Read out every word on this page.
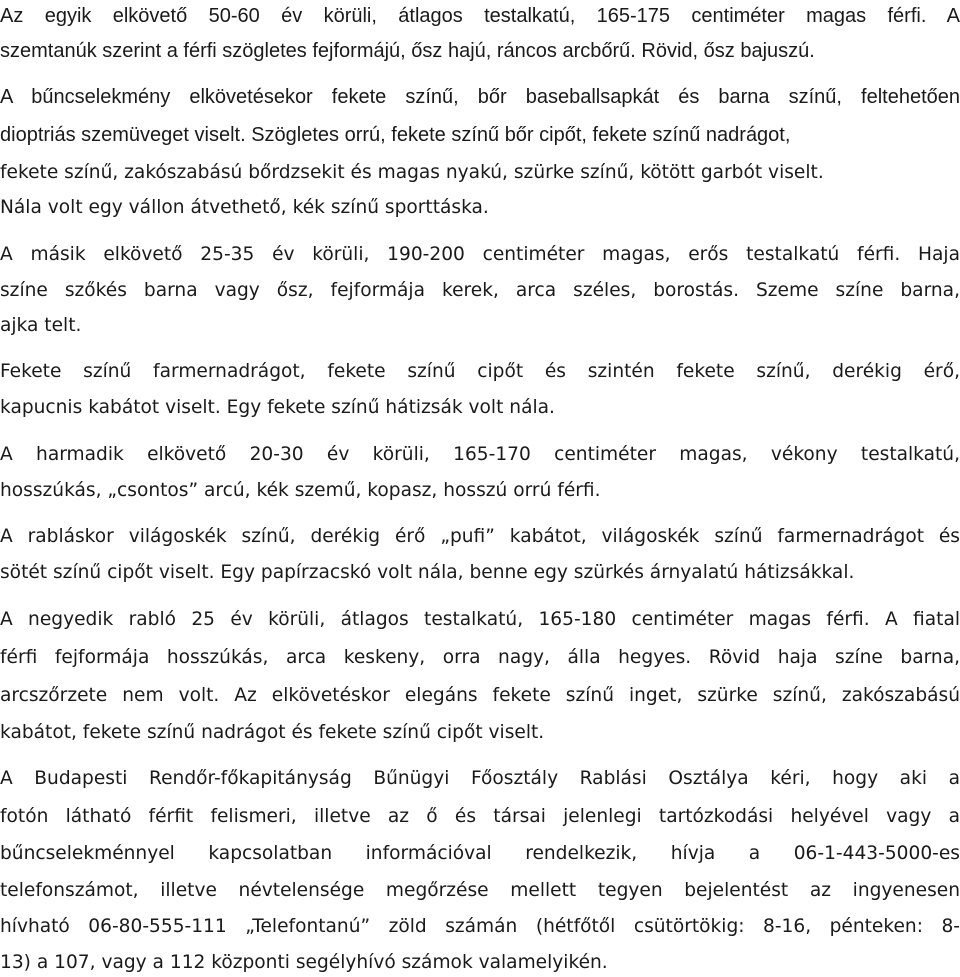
Az egyik elkövető 50-60 év körüli, átlagos testalkatú, 165-175 centiméter magas férfi. A
szemtanúk szerint a férfi szögletes fejformájú, ősz hajú, ráncos arcbőrű. Rövid, ősz bajuszú.
A bűncselekmény elkövetésekor fekete színű, bőr baseballsapkát és barna színű, feltehetően
dioptriás szemüveget viselt. Szögletes orrú, fekete színű bőr cipőt, fekete színű nadrágot,
fekete színű, zakószabású bőrdzsekit és magas nyakú, szürke színű, kötött garbót viselt.
Nála volt egy vállon átvethető, kék színű sporttáska.
A másik elkövető 25-35 év körüli, 190-200 centiméter magas, erős testalkatú férfi. Haja
színe szőkés barna vagy ősz, fejformája kerek, arca széles, borostás. Szeme színe barna,
ajka telt.
Fekete színű farmernadrágot, fekete színű cipőt és szintén fekete színű, derékig érő,
kapucnis kabátot viselt. Egy fekete színű hátizsák volt nála.
A harmadik elkövető 20-30 év körüli, 165-170 centiméter magas, vékony testalkatú,
hosszúkás, „csontos” arcú, kék szemű, kopasz, hosszú orrú férfi.
A rabláskor világoskék színű, derékig érő „pufi” kabátot, világoskék színű farmernadrágot és
sötét színű cipőt viselt. Egy papírzacskó volt nála, benne egy szürkés árnyalatú hátizsákkal.
A negyedik rabló 25 év körüli, átlagos testalkatú, 165-180 centiméter magas férfi. A fiatal
férfi fejformája hosszúkás, arca keskeny, orra nagy, álla hegyes. Rövid haja színe barna,
arcszőrzete nem volt. Az elkövetéskor elegáns fekete színű inget, szürke színű, zakószabású
kabátot, fekete színű nadrágot és fekete színű cipőt viselt.
A Budapesti Rendőr-főkapitányság Bűnügyi Főosztály Rablási Osztálya kéri, hogy aki a
fotón látható férfit felismeri, illetve az ő és társai jelenlegi tartózkodási helyével vagy a
bűncselekménnyel kapcsolatban információval rendelkezik, hívja a 06-1-443-5000-es
telefonszámot, illetve névtelensége megőrzése mellett tegyen bejelentést az ingyenesen
hívható 06-80-555-111 „Telefontanú” zöld számán (hétfőtől csütörtökig: 8-16, pénteken: 8-
13) a 107, vagy a 112 központi segélyhívó számok valamelyikén.
